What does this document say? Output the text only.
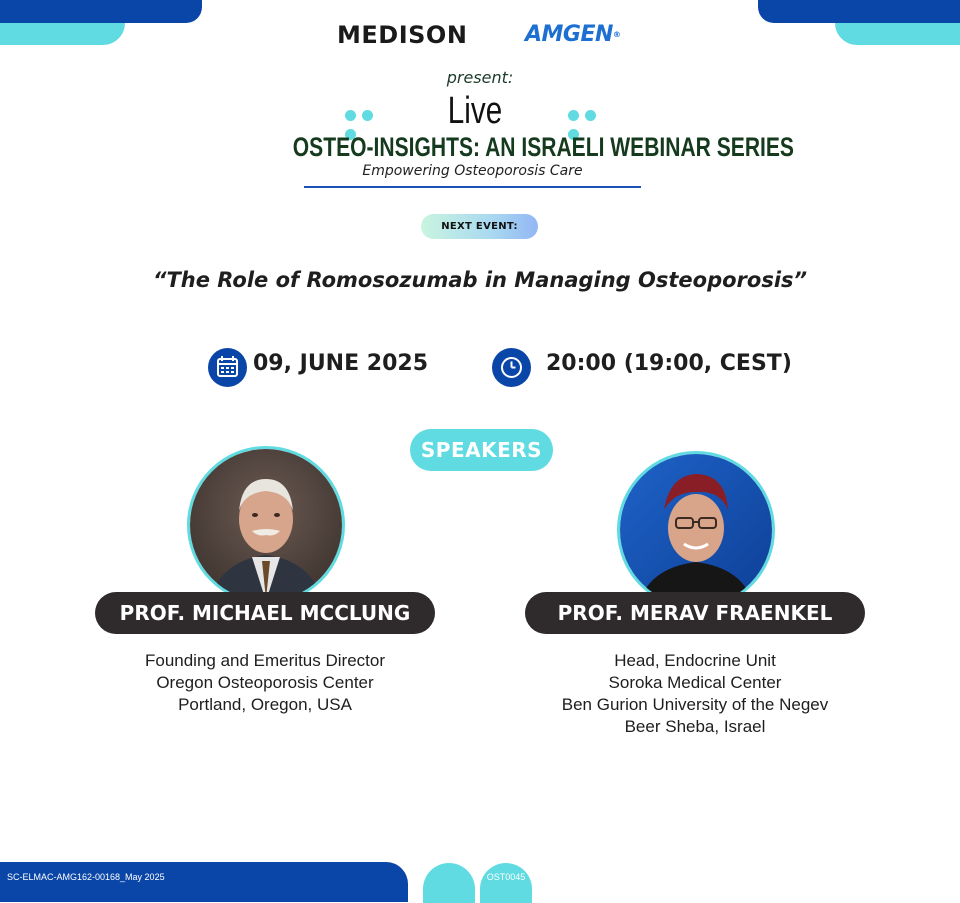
MEDISON	AMGEN®
present:
Live
OSTEO-INSIGHTS: AN ISRAELI WEBINAR SERIES
Empowering Osteoporosis Care
NEXT EVENT:
“The Role of Romosozumab in Managing Osteoporosis”
09, JUNE 2025	20:00 (19:00, CEST)
SPEAKERS
PROF. MICHAEL MCCLUNG	PROF. MERAV FRAENKEL
Founding and Emeritus Director
Oregon Osteoporosis Center
Portland, Oregon, USA
Head, Endocrine Unit
Soroka Medical Center
Ben Gurion University of the Negev
Beer Sheba, Israel
SC-ELMAC-AMG162-00168_May 2025	OST0045
